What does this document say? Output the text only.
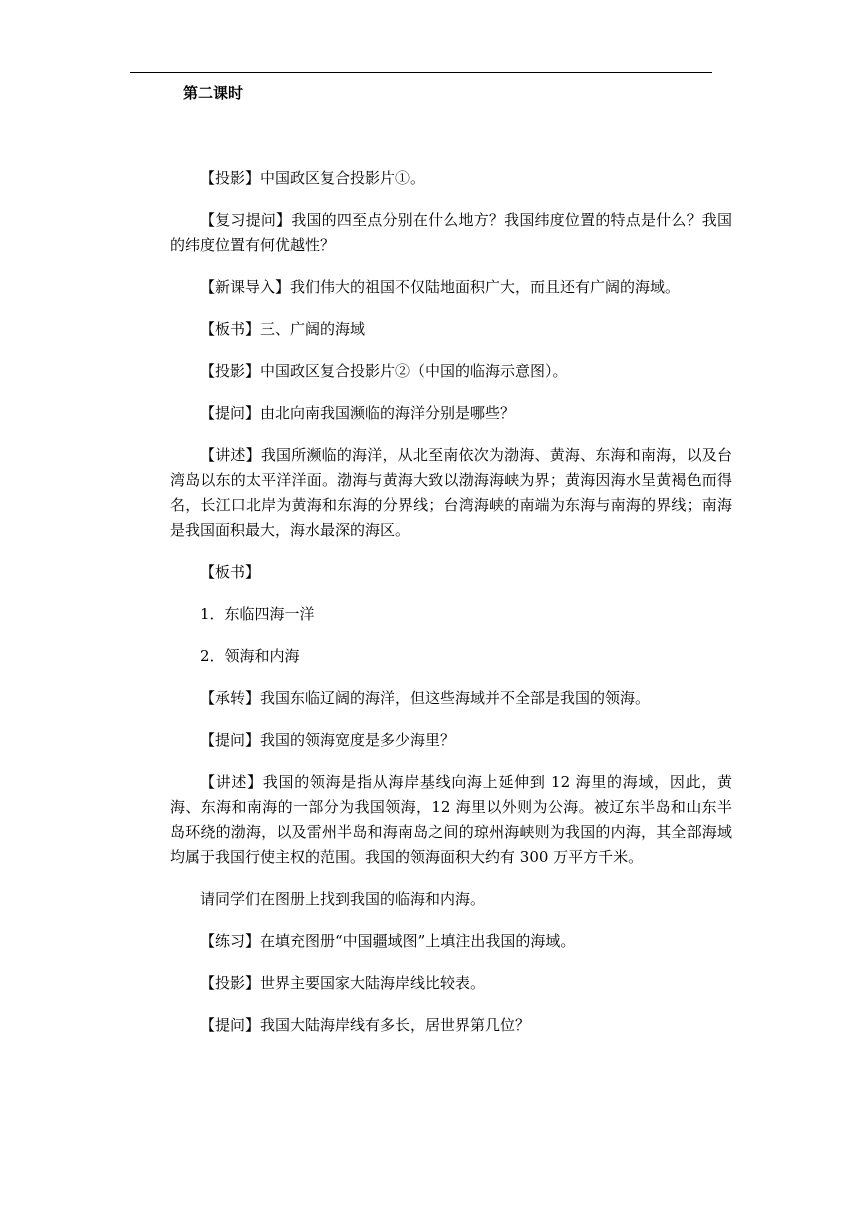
第二课时

【投影】中国政区复合投影片①。

【复习提问】我国的四至点分别在什么地方？我国纬度位置的特点是什么？我国的纬度位置有何优越性？

【新课导入】我们伟大的祖国不仅陆地面积广大，而且还有广阔的海域。

【板书】三、广阔的海域

【投影】中国政区复合投影片②（中国的临海示意图）。

【提问】由北向南我国濒临的海洋分别是哪些？

【讲述】我国所濒临的海洋，从北至南依次为渤海、黄海、东海和南海，以及台湾岛以东的太平洋洋面。渤海与黄海大致以渤海海峡为界；黄海因海水呈黄褐色而得名，长江口北岸为黄海和东海的分界线；台湾海峡的南端为东海与南海的界线；南海是我国面积最大，海水最深的海区。

【板书】

1．东临四海一洋

2．领海和内海

【承转】我国东临辽阔的海洋，但这些海域并不全部是我国的领海。

【提问】我国的领海宽度是多少海里？

【讲述】我国的领海是指从海岸基线向海上延伸到 12 海里的海域，因此，黄海、东海和南海的一部分为我国领海，12 海里以外则为公海。被辽东半岛和山东半岛环绕的渤海，以及雷州半岛和海南岛之间的琼州海峡则为我国的内海，其全部海域均属于我国行使主权的范围。我国的领海面积大约有 300 万平方千米。

请同学们在图册上找到我国的临海和内海。

【练习】在填充图册“中国疆域图”上填注出我国的海域。

【投影】世界主要国家大陆海岸线比较表。

【提问】我国大陆海岸线有多长，居世界第几位？
